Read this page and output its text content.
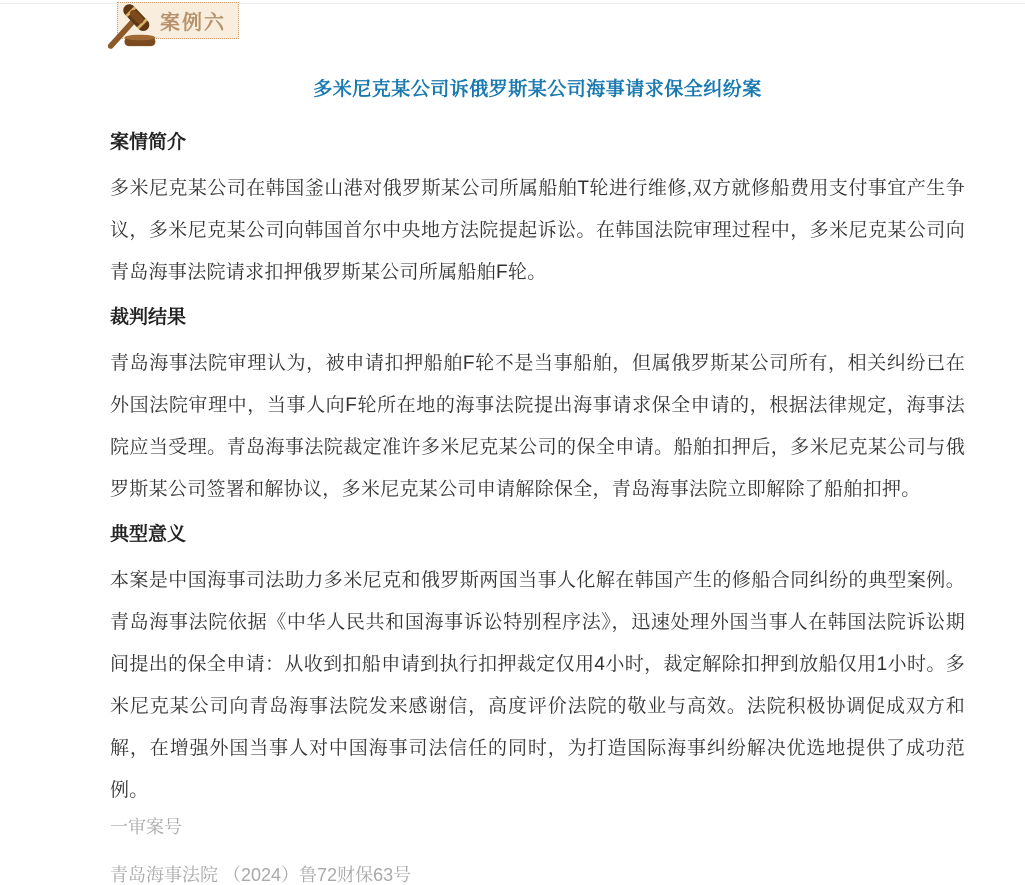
案例六
多米尼克某公司诉俄罗斯某公司海事请求保全纠纷案
案情简介

多米尼克某公司在韩国釜山港对俄罗斯某公司所属船舶T轮进行维修,双方就修船费用支付事宜产生争议，多米尼克某公司向韩国首尔中央地方法院提起诉讼。在韩国法院审理过程中，多米尼克某公司向青岛海事法院请求扣押俄罗斯某公司所属船舶F轮。

裁判结果

青岛海事法院审理认为，被申请扣押船舶F轮不是当事船舶，但属俄罗斯某公司所有，相关纠纷已在外国法院审理中，当事人向F轮所在地的海事法院提出海事请求保全申请的，根据法律规定，海事法院应当受理。青岛海事法院裁定准许多米尼克某公司的保全申请。船舶扣押后，多米尼克某公司与俄罗斯某公司签署和解协议，多米尼克某公司申请解除保全，青岛海事法院立即解除了船舶扣押。

典型意义

本案是中国海事司法助力多米尼克和俄罗斯两国当事人化解在韩国产生的修船合同纠纷的典型案例。青岛海事法院依据《中华人民共和国海事诉讼特别程序法》，迅速处理外国当事人在韩国法院诉讼期间提出的保全申请：从收到扣船申请到执行扣押裁定仅用4小时，裁定解除扣押到放船仅用1小时。多米尼克某公司向青岛海事法院发来感谢信，高度评价法院的敬业与高效。法院积极协调促成双方和解，在增强外国当事人对中国海事司法信任的同时，为打造国际海事纠纷解决优选地提供了成功范例。

一审案号

青岛海事法院 （2024）鲁72财保63号
